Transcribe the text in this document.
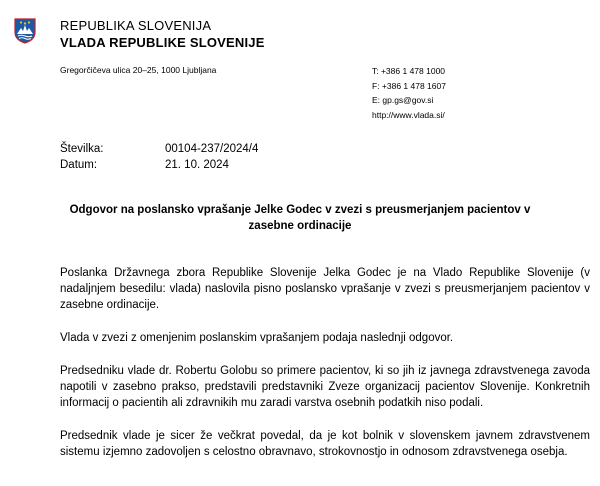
REPUBLIKA SLOVENIJA
VLADA REPUBLIKE SLOVENIJE
Gregorčičeva ulica 20–25, 1000 Ljubljana	T: +386 1 478 1000
F: +386 1 478 1607
E: gp.gs@gov.si
http://www.vlada.si/
Številka:	00104-237/2024/4
Datum:	21. 10. 2024
Odgovor na poslansko vprašanje Jelke Godec v zvezi s preusmerjanjem pacientov v zasebne ordinacije

Poslanka Državnega zbora Republike Slovenije Jelka Godec je na Vlado Republike Slovenije (v nadaljnjem besedilu: vlada) naslovila pisno poslansko vprašanje v zvezi s preusmerjanjem pacientov v zasebne ordinacije.

Vlada v zvezi z omenjenim poslanskim vprašanjem podaja naslednji odgovor.

Predsedniku vlade dr. Robertu Golobu so primere pacientov, ki so jih iz javnega zdravstvenega zavoda napotili v zasebno prakso, predstavili predstavniki Zveze organizacij pacientov Slovenije. Konkretnih informacij o pacientih ali zdravnikih mu zaradi varstva osebnih podatkih niso podali.

Predsednik vlade je sicer že večkrat povedal, da je kot bolnik v slovenskem javnem zdravstvenem sistemu izjemno zadovoljen s celostno obravnavo, strokovnostjo in odnosom zdravstvenega osebja.
